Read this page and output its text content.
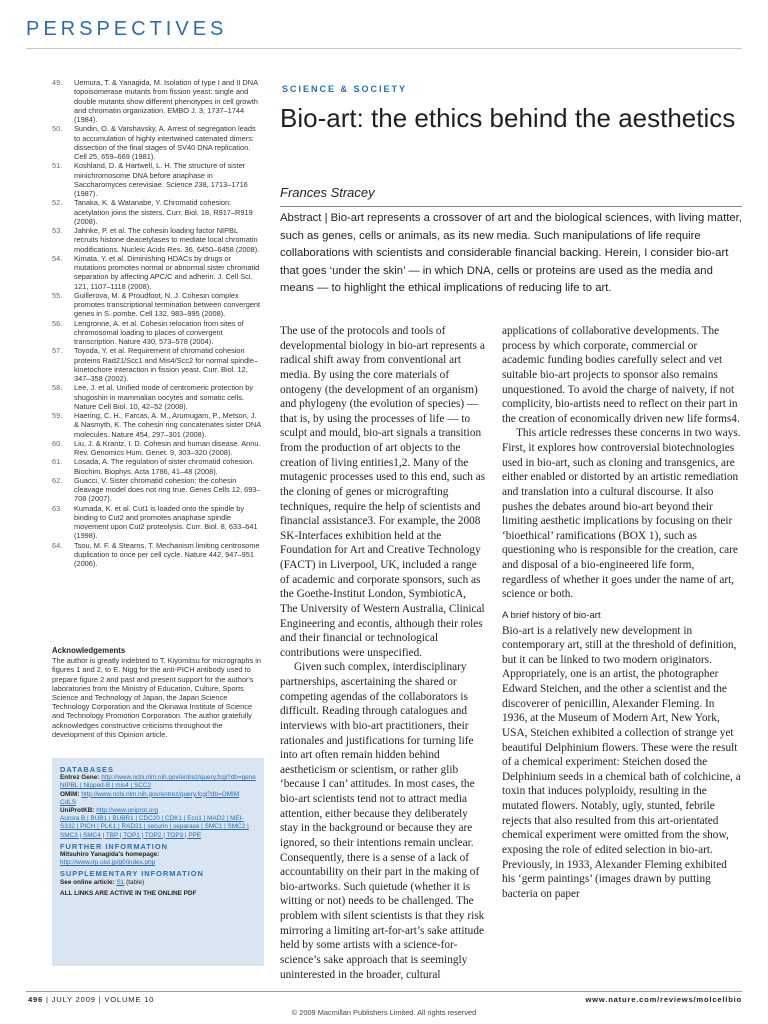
PERSPECTIVES

49. Uemura, T. & Yanagida, M. Isolation of type I and II DNA topoisomerase mutants from fission yeast: single and double mutants show different phenotypes in cell growth and chromatin organization. EMBO J. 3, 1737–1744 (1984).

50. Sundin, O. & Varshavsky, A. Arrest of segregation leads to accumulation of highly intertwined catenated dimers: dissection of the final stages of SV40 DNA replication. Cell 25, 659–669 (1981).

51. Koshland, D. & Hartwell, L. H. The structure of sister minichromosome DNA before anaphase in Saccharomyces cerevisiae. Science 238, 1713–1716 (1987).

52. Tanaka, K. & Watanabe, Y. Chromatid cohesion: acetylation joins the sisters. Curr. Biol. 18, R917–R919 (2008).

53. Jahnke, P. et al. The cohesin loading factor NIPBL recruits histone deacetylases to mediate local chromatin modifications. Nucleic Acids Res. 36, 6450–6458 (2008).

54. Kimata, Y. et al. Diminishing HDACs by drugs or mutations promotes normal or abnormal sister chromatid separation by affecting APC/C and adherin. J. Cell Sci. 121, 1107–1118 (2008).

55. Guillerova, M. & Proudfoot, N. J. Cohesin complex promotes transcriptional termination between convergent genes in S. pombe. Cell 132, 983–995 (2008).

56. Lengronne, A. et al. Cohesin relocation from sites of chromosomal loading to places of convergent transcription. Nature 430, 573–578 (2004).

57. Toyoda, Y. et al. Requirement of chromatid cohesion proteins Rad21/Scc1 and Mis4/Scc2 for normal spindle–kinetochore interaction in fission yeast. Curr. Biol. 12, 347–358 (2002).

58. Lee, J. et al. Unified mode of centromeric protection by shugoshin in mammalian oocytes and somatic cells. Nature Cell Biol. 10, 42–52 (2008).

59. Haering, C. H., Farcas, A. M., Arumugam, P., Metson, J. & Nasmyth, K. The cohesin ring concatenates sister DNA molecules. Nature 454, 297–301 (2008).

60. Liu, J. & Krantz, I. D. Cohesin and human disease. Annu. Rev. Genomics Hum. Genet. 9, 303–320 (2008).

61. Losada, A. The regulation of sister chromatid cohesion. Biochim. Biophys. Acta 1786, 41–48 (2008).

62. Guacci, V. Sister chromatid cohesion: the cohesin cleavage model does not ring true. Genes Cells 12, 693–708 (2007).

63. Kumada, K. et al. Cut1 is loaded onto the spindle by binding to Cut2 and promotes anaphase spindle movement upon Cut2 proteolysis. Curr. Biol. 8, 633–641 (1998).

64. Tsou, M. F. & Stearns, T. Mechanism limiting centrosome duplication to once per cell cycle. Nature 442, 947–951 (2006).

Acknowledgements
The author is greatly indebted to T. Kiyomitsu for micrographs in figures 1 and 2, to E. Nigg for the anti-PICH antibody used to prepare figure 2 and past and present support for the author's laboratories from the Ministry of Education, Culture, Sports Science and Technology of Japan, the Japan Science Technology Corporation and the Okinawa Institute of Science and Technology Promotion Corporation. The author gratefully acknowledges constructive criticisms throughout the development of this Opinion article.
DATABASES
Entrez Gene: http://www.ncbi.nlm.nih.gov/entrez/query.fcgi?db=gene
NIPBL | Nipped-B | mis4 | SCC2
OMIM: http://www.ncbi.nlm.nih.gov/entrez/query.fcgi?db=OMIM
CdLS
UniProtKB: http://www.uniprot.org
Aurora B | BUB1 | BUBR1 | CDC20 | CDK1 | Eco1 | MAD2 | MEI-S332 | PICH | PLK1 | RAD21 | securin | separase | SMC1 | SMC2 | SMC3 | SMC4 | TBP | TOP1 | TOP2 | TOP3 | PPE
FURTHER INFORMATION
Mitsuhiro Yanagida's homepage:
http://www.irp.oist.jp/g0/index.php
SUPPLEMENTARY INFORMATION
See online article: S1 (table)
ALL LINKS ARE ACTIVE IN THE ONLINE PDF
SCIENCE & SOCIETY
Bio-art: the ethics behind the aesthetics
Frances Stracey

Abstract | Bio-art represents a crossover of art and the biological sciences, with living matter, such as genes, cells or animals, as its new media. Such manipulations of life require collaborations with scientists and considerable financial backing. Herein, I consider bio-art that goes ‘under the skin’ — in which DNA, cells or proteins are used as the media and means — to highlight the ethical implications of reducing life to art.

The use of the protocols and tools of developmental biology in bio-art represents a radical shift away from conventional art media. By using the core materials of ontogeny (the development of an organism) and phylogeny (the evolution of species) — that is, by using the processes of life — to sculpt and mould, bio-art signals a transition from the production of art objects to the creation of living entities1,2. Many of the mutagenic processes used to this end, such as the cloning of genes or micrografting techniques, require the help of scientists and financial assistance3. For example, the 2008 SK-Interfaces exhibition held at the Foundation for Art and Creative Technology (FACT) in Liverpool, UK, included a range of academic and corporate sponsors, such as the Goethe-Institut London, SymbioticA, The University of Western Australia, Clinical Engineering and econtis, although their roles and their financial or technological contributions were unspecified.

Given such complex, interdisciplinary partnerships, ascertaining the shared or competing agendas of the collaborators is difficult. Reading through catalogues and interviews with bio-art practitioners, their rationales and justifications for turning life into art often remain hidden behind aestheticism or scientism, or rather glib ‘because I can’ attitudes. In most cases, the bio-art scientists tend not to attract media attention, either because they deliberately stay in the background or because they are ignored, so their intentions remain unclear. Consequently, there is a sense of a lack of accountability on their part in the making of bio-artworks. Such quietude (whether it is witting or not) needs to be challenged. The problem with silent scientists is that they risk mirroring a limiting art-for-art’s sake attitude held by some artists with a science-for-science’s sake approach that is seemingly uninterested in the broader, cultural

applications of collaborative developments. The process by which corporate, commercial or academic funding bodies carefully select and vet suitable bio-art projects to sponsor also remains unquestioned. To avoid the charge of naivety, if not complicity, bio-artists need to reflect on their part in the creation of economically driven new life forms4.

This article redresses these concerns in two ways. First, it explores how controversial biotechnologies used in bio-art, such as cloning and transgenics, are either enabled or distorted by an artistic remediation and translation into a cultural discourse. It also pushes the debates around bio-art beyond their limiting aesthetic implications by focusing on their ‘bioethical’ ramifications (BOX 1), such as questioning who is responsible for the creation, care and disposal of a bio-engineered life form, regardless of whether it goes under the name of art, science or both.

A brief history of bio-art

Bio-art is a relatively new development in contemporary art, still at the threshold of definition, but it can be linked to two modern originators. Appropriately, one is an artist, the photographer Edward Steichen, and the other a scientist and the discoverer of penicillin, Alexander Fleming. In 1936, at the Museum of Modern Art, New York, USA, Steichen exhibited a collection of strange yet beautiful Delphinium flowers. These were the result of a chemical experiment: Steichen dosed the Delphinium seeds in a chemical bath of colchicine, a toxin that induces polyploidy, resulting in the mutated flowers. Notably, ugly, stunted, febrile rejects that also resulted from this art-orientated chemical experiment were omitted from the show, exposing the role of edited selection in bio-art. Previously, in 1933, Alexander Fleming exhibited his ‘germ paintings’ (images drawn by putting bacteria on paper

496 | JULY 2009 | VOLUME 10	www.nature.com/reviews/molcellbio
© 2009 Macmillan Publishers Limited. All rights reserved
